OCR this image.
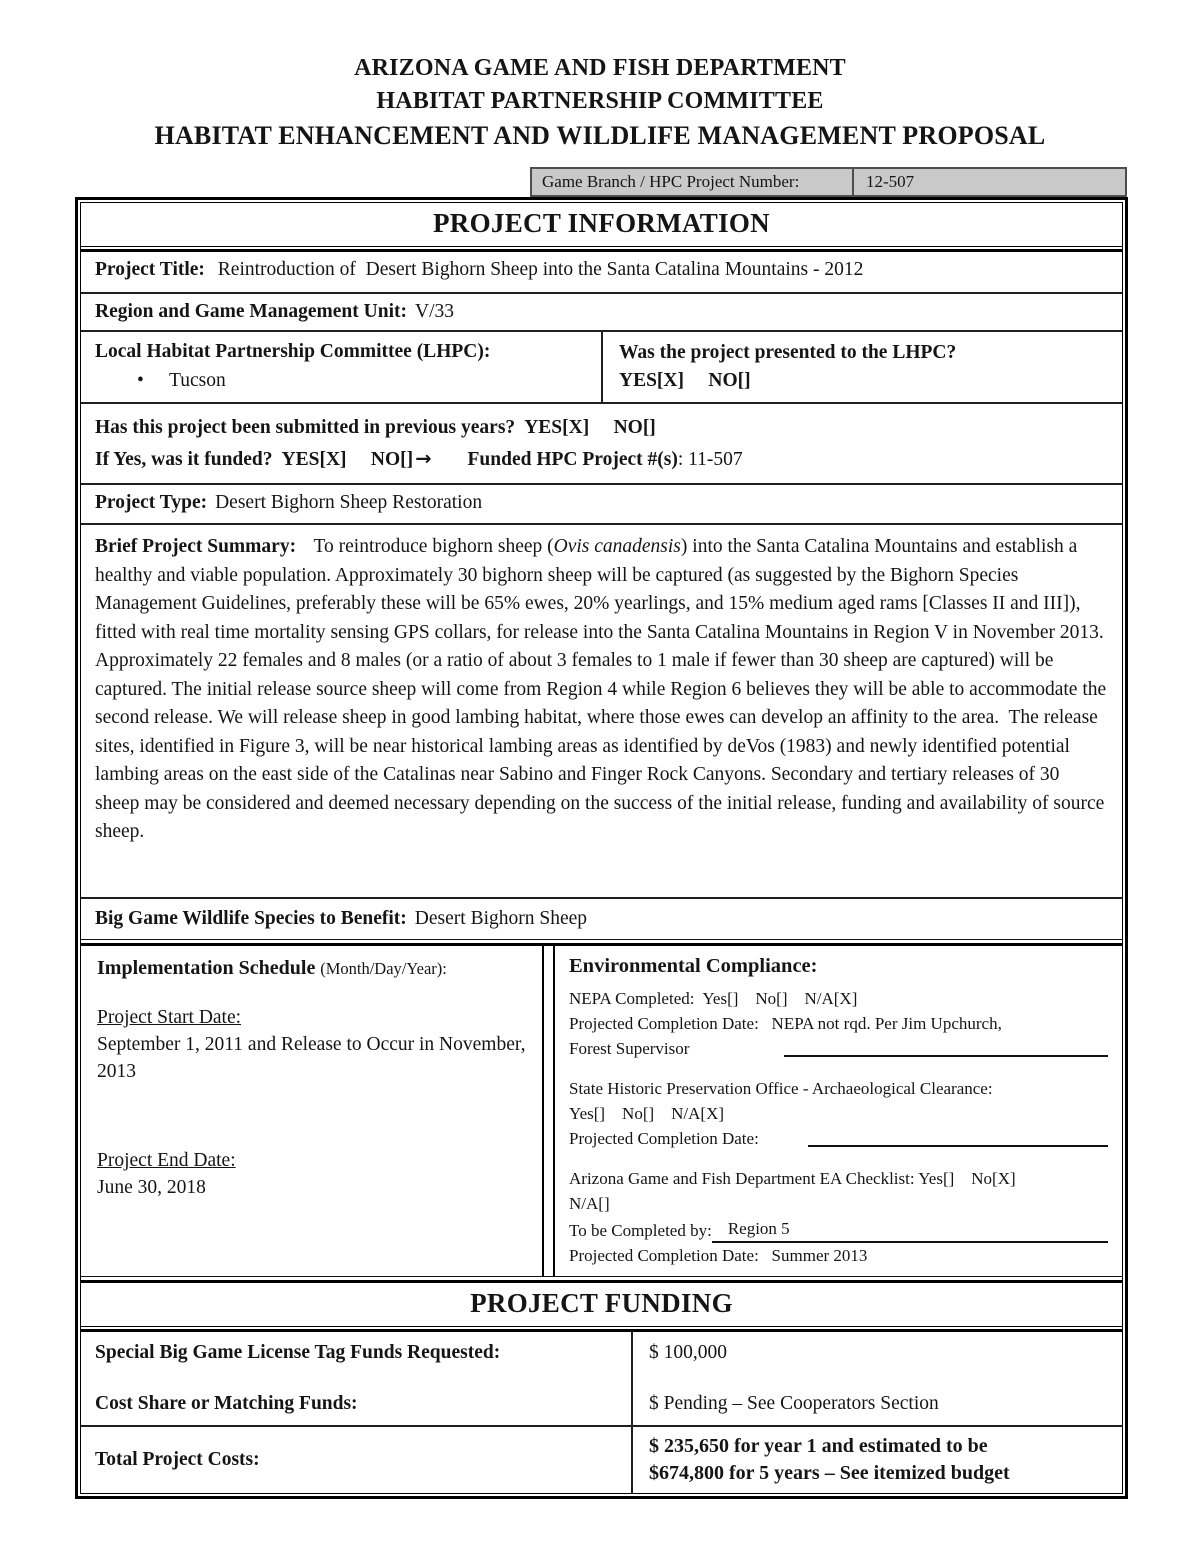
ARIZONA GAME AND FISH DEPARTMENT
HABITAT PARTNERSHIP COMMITTEE
HABITAT ENHANCEMENT AND WILDLIFE MANAGEMENT PROPOSAL
Game Branch / HPC Project Number:	12-507
PROJECT INFORMATION
Project Title: Reintroduction of  Desert Bighorn Sheep into the Santa Catalina Mountains - 2012
Region and Game Management Unit: V/33
Local Habitat Partnership Committee (LHPC):
• Tucson
Was the project presented to the LHPC?
YES[X]     NO[]
Has this project been submitted in previous years?  YES[X]     NO[]
If Yes, was it funded?  YES[X]     NO[] → Funded HPC Project #(s): 11-507
Project Type: Desert Bighorn Sheep Restoration
Brief Project Summary:  To reintroduce bighorn sheep (Ovis canadensis) into the Santa Catalina Mountains and establish a healthy and viable population. Approximately 30 bighorn sheep will be captured (as suggested by the Bighorn Species Management Guidelines, preferably these will be 65% ewes, 20% yearlings, and 15% medium aged rams [Classes II and III]), fitted with real time mortality sensing GPS collars, for release into the Santa Catalina Mountains in Region V in November 2013. Approximately 22 females and 8 males (or a ratio of about 3 females to 1 male if fewer than 30 sheep are captured) will be captured. The initial release source sheep will come from Region 4 while Region 6 believes they will be able to accommodate the second release. We will release sheep in good lambing habitat, where those ewes can develop an affinity to the area.  The release sites, identified in Figure 3, will be near historical lambing areas as identified by deVos (1983) and newly identified potential lambing areas on the east side of the Catalinas near Sabino and Finger Rock Canyons. Secondary and tertiary releases of 30 sheep may be considered and deemed necessary depending on the success of the initial release, funding and availability of source sheep.
Big Game Wildlife Species to Benefit: Desert Bighorn Sheep
Implementation Schedule (Month/Day/Year):
Project Start Date:
September 1, 2011 and Release to Occur in November, 2013
Project End Date:
June 30, 2018
Environmental Compliance:
NEPA Completed:  Yes[]    No[]    N/A[X]
Projected Completion Date:   NEPA not rqd. Per Jim Upchurch,
Forest Supervisor
State Historic Preservation Office - Archaeological Clearance:
Yes[]    No[]    N/A[X]
Projected Completion Date:
Arizona Game and Fish Department EA Checklist: Yes[]    No[X]
N/A[]
To be Completed by: Region 5
Projected Completion Date:   Summer 2013
PROJECT FUNDING
Special Big Game License Tag Funds Requested:
Cost Share or Matching Funds:
$ 100,000
$ Pending – See Cooperators Section
Total Project Costs:
$ 235,650 for year 1 and estimated to be
$674,800 for 5 years – See itemized budget
